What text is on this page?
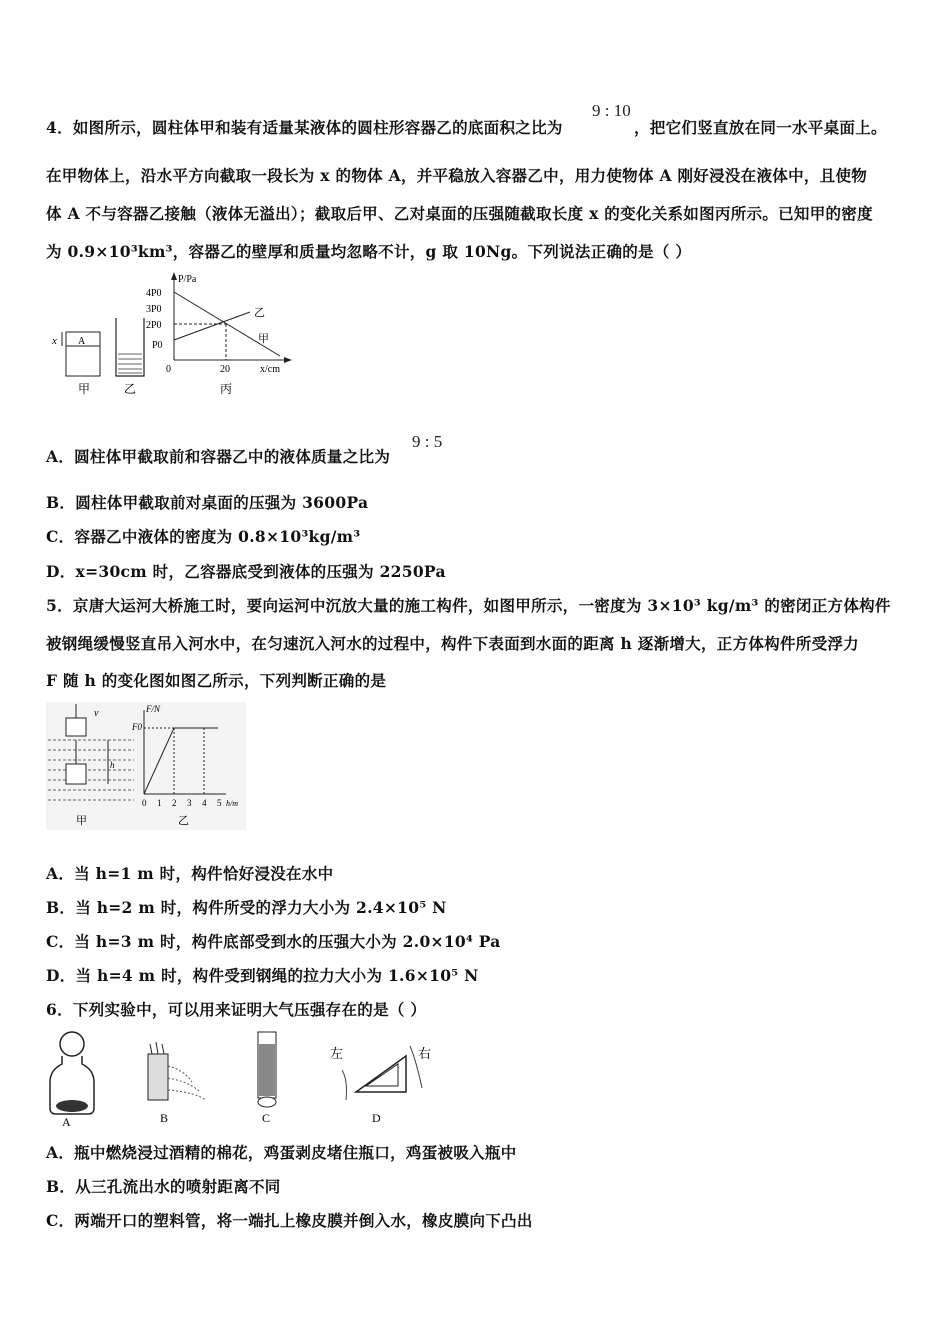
4．如图所示，圆柱体甲和装有适量某液体的圆柱形容器乙的底面积之比为
9 : 10
，把它们竖直放在同一水平桌面上。
在甲物体上，沿水平方向截取一段长为 x 的物体 A，并平稳放入容器乙中，用力使物体 A 刚好浸没在液体中，且使物
体 A 不与容器乙接触（液体无溢出）；截取后甲、乙对桌面的压强随截取长度 x 的变化关系如图丙所示。已知甲的密度
为 0.9×10³km³，容器乙的壁厚和质量均忽略不计，g 取 10Ng。下列说法正确的是（ ）
A
x
甲	乙
P/Pa
x/cm
4P0
3P0
2P0
P0
0	20
乙
甲
丙
A．圆柱体甲截取前和容器乙中的液体质量之比为
9 : 5
B．圆柱体甲截取前对桌面的压强为 3600Pa
C．容器乙中液体的密度为 0.8×10³kg/m³
D．x=30cm 时，乙容器底受到液体的压强为 2250Pa
5．京唐大运河大桥施工时，要向运河中沉放大量的施工构件，如图甲所示，一密度为 3×10³ kg/m³ 的密闭正方体构件
被钢绳缓慢竖直吊入河水中，在匀速沉入河水的过程中，构件下表面到水面的距离 h 逐渐增大，正方体构件所受浮力
F 随 h 的变化图如图乙所示，下列判断正确的是
v
h
甲
F/N
F0
0 1 2 3 4 5 h/m
乙
A．当 h=1 m 时，构件恰好浸没在水中
B．当 h=2 m 时，构件所受的浮力大小为 2.4×10⁵ N
C．当 h=3 m 时，构件底部受到水的压强大小为 2.0×10⁴ Pa
D．当 h=4 m 时，构件受到钢绳的拉力大小为 1.6×10⁵ N
6．下列实验中，可以用来证明大气压强存在的是（ ）
A	B	C
左	右
D
A．瓶中燃烧浸过酒精的棉花，鸡蛋剥皮堵住瓶口，鸡蛋被吸入瓶中
B．从三孔流出水的喷射距离不同
C．两端开口的塑料管，将一端扎上橡皮膜并倒入水，橡皮膜向下凸出
